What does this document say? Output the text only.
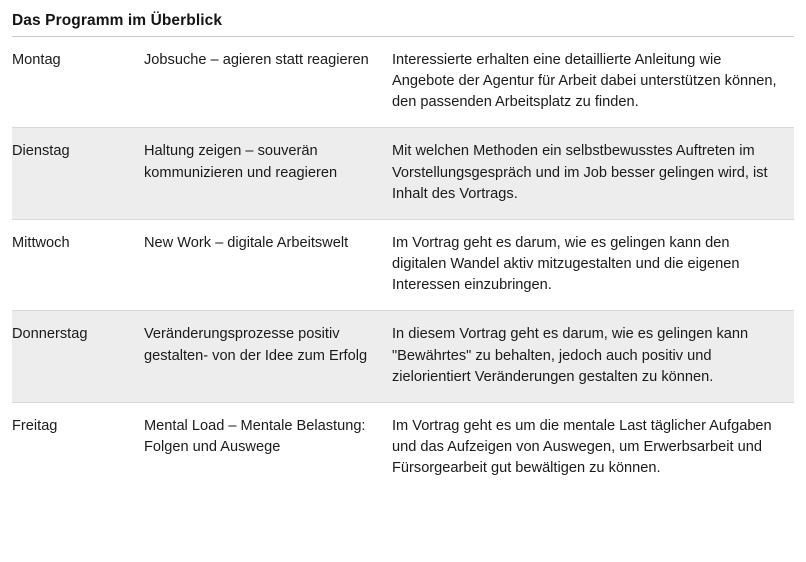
Das Programm im Überblick
Montag	Jobsuche – agieren statt reagieren	Interessierte erhalten eine detaillierte Anleitung wie Angebote der Agentur für Arbeit dabei unterstützen können, den passenden Arbeitsplatz zu finden.
Dienstag	Haltung zeigen – souverän kommunizieren und reagieren	Mit welchen Methoden ein selbstbewusstes Auftreten im Vorstellungsgespräch und im Job besser gelingen wird, ist Inhalt des Vortrags.
Mittwoch	New Work – digitale Arbeitswelt	Im Vortrag geht es darum, wie es gelingen kann den digitalen Wandel aktiv mitzugestalten und die eigenen Interessen einzubringen.
Donnerstag	Veränderungsprozesse positiv gestalten- von der Idee zum Erfolg	In diesem Vortrag geht es darum, wie es gelingen kann "Bewährtes" zu behalten, jedoch auch positiv und zielorientiert Veränderungen gestalten zu können.
Freitag	Mental Load – Mentale Belastung: Folgen und Auswege	Im Vortrag geht es um die mentale Last täglicher Aufgaben und das Aufzeigen von Auswegen, um Erwerbsarbeit und Fürsorgearbeit gut bewältigen zu können.
